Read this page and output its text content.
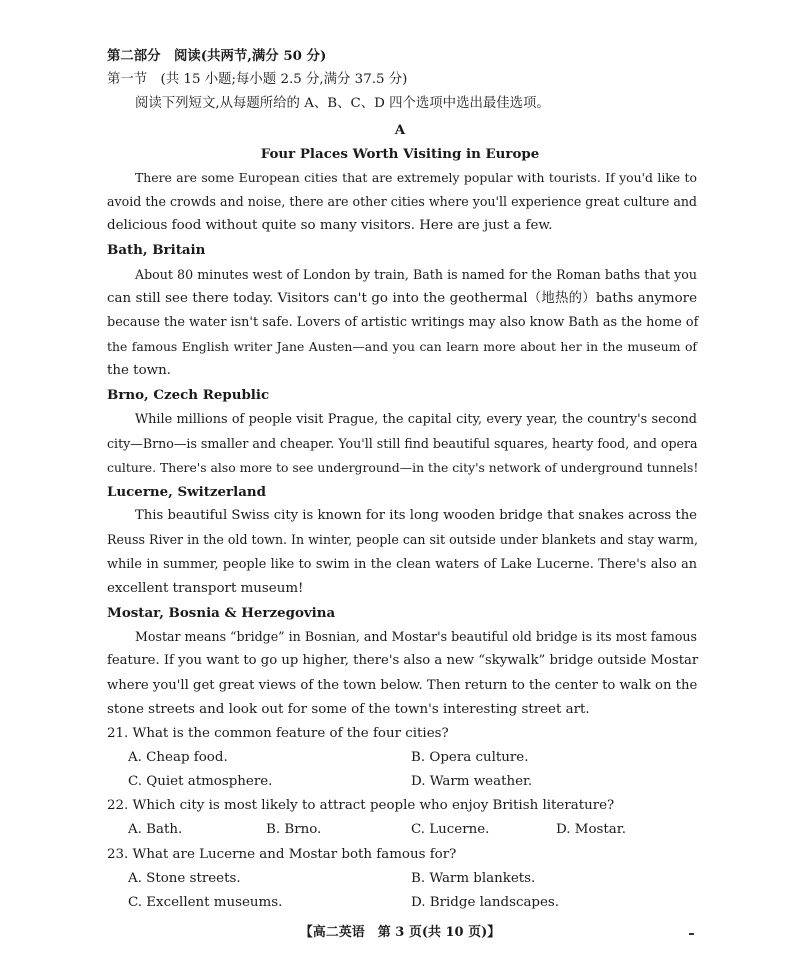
第二部分　阅读(共两节,满分 50 分)
第一节　(共 15 小题;每小题 2.5 分,满分 37.5 分)
阅读下列短文,从每题所给的 A、B、C、D 四个选项中选出最佳选项。
A
Four Places Worth Visiting in Europe
There are some European cities that are extremely popular with tourists. If you'd like to
avoid the crowds and noise, there are other cities where you'll experience great culture and
delicious food without quite so many visitors. Here are just a few.
Bath, Britain
About 80 minutes west of London by train, Bath is named for the Roman baths that you
can still see there today. Visitors can't go into the geothermal（地热的）baths anymore
because the water isn't safe. Lovers of artistic writings may also know Bath as the home of
the famous English writer Jane Austen—and you can learn more about her in the museum of
the town.
Brno, Czech Republic
While millions of people visit Prague, the capital city, every year, the country's second
city—Brno—is smaller and cheaper. You'll still find beautiful squares, hearty food, and opera
culture. There's also more to see underground—in the city's network of underground tunnels!
Lucerne, Switzerland
This beautiful Swiss city is known for its long wooden bridge that snakes across the
Reuss River in the old town. In winter, people can sit outside under blankets and stay warm,
while in summer, people like to swim in the clean waters of Lake Lucerne. There's also an
excellent transport museum!
Mostar, Bosnia & Herzegovina
Mostar means “bridge” in Bosnian, and Mostar's beautiful old bridge is its most famous
feature. If you want to go up higher, there's also a new “skywalk” bridge outside Mostar
where you'll get great views of the town below. Then return to the center to walk on the
stone streets and look out for some of the town's interesting street art.
21. What is the common feature of the four cities?
A. Cheap food.	B. Opera culture.
C. Quiet atmosphere.	D. Warm weather.
22. Which city is most likely to attract people who enjoy British literature?
A. Bath.	B. Brno.	C. Lucerne.	D. Mostar.
23. What are Lucerne and Mostar both famous for?
A. Stone streets.	B. Warm blankets.
C. Excellent museums.	D. Bridge landscapes.
【高二英语　第 3 页(共 10 页)】
